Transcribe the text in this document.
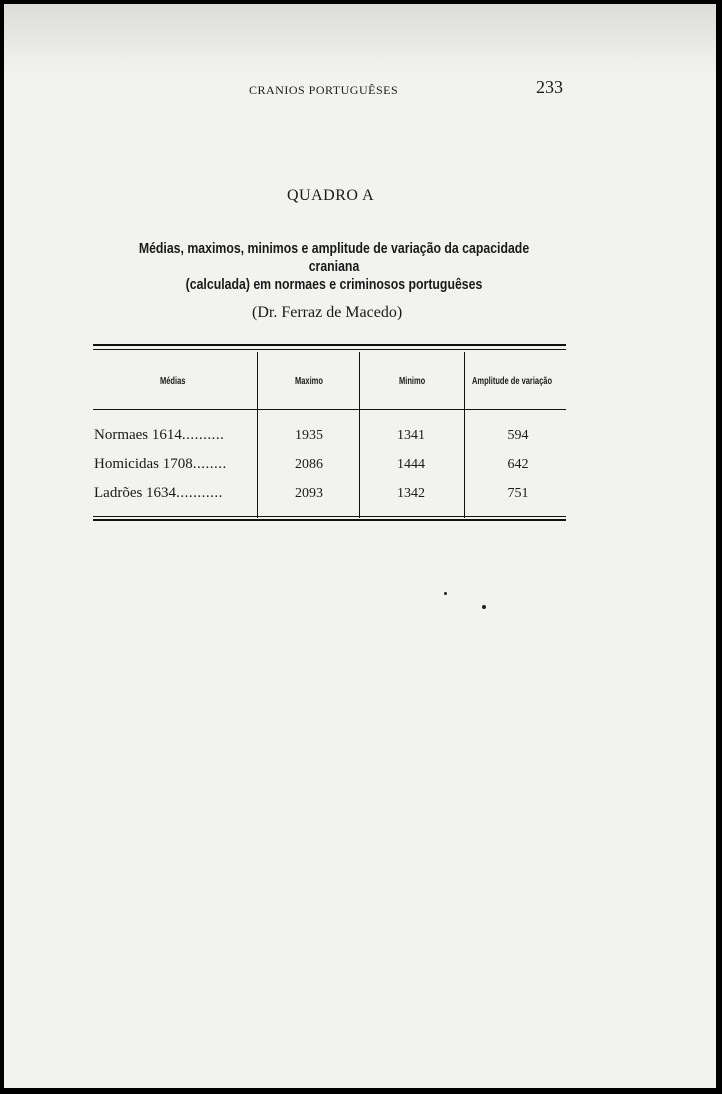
CRANIOS PORTUGUÊSES	233
QUADRO A
Médias, maximos, minimos e amplitude de variação da capacidade craniana
(calculada) em normaes e criminosos portuguêses
(Dr. Ferraz de Macedo)
Médias	Maximo	Minimo	Amplitude de variação
Normaes 1614..........	1935	1341	594
Homicidas 1708........	2086	1444	642
Ladrões 1634...........	2093	1342	751
